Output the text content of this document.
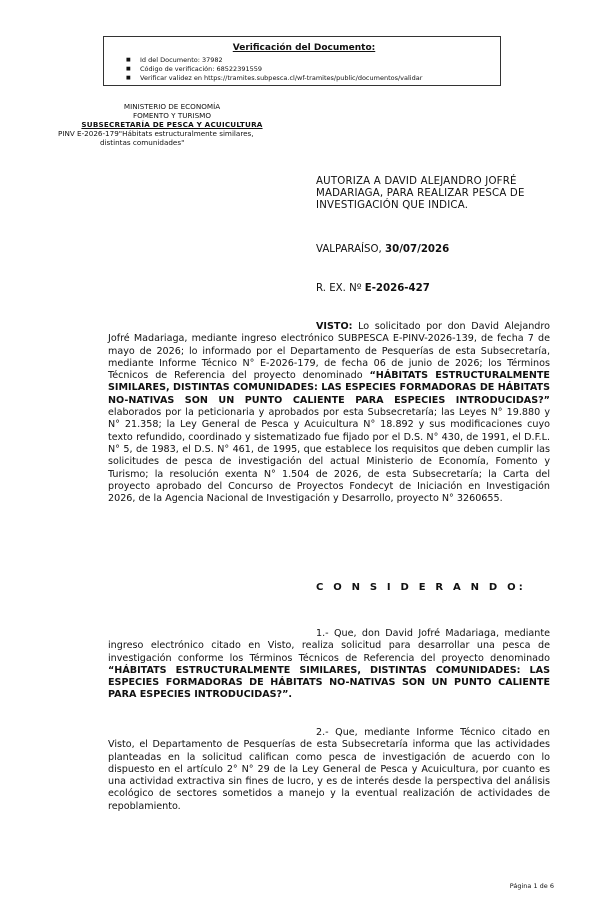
Verificación del Documento:
■ Id del Documento: 37982
■ Código de verificación: 68522391559
■ Verificar validez en https://tramites.subpesca.cl/wf-tramites/public/documentos/validar
MINISTERIO DE ECONOMÍA
FOMENTO Y TURISMO
SUBSECRETARÍA DE PESCA Y ACUICULTURA
PINV E-2026-179"Hábitats estructuralmente similares,
distintas comunidades"
AUTORIZA A DAVID ALEJANDRO JOFRÉ MADARIAGA, PARA REALIZAR PESCA DE INVESTIGACIÓN QUE INDICA.
VALPARAÍSO, 30/07/2026
R. EX. Nº E-2026-427
VISTO: Lo solicitado por don David Alejandro Jofré Madariaga, mediante ingreso electrónico SUBPESCA E-PINV-2026-139, de fecha 7 de mayo de 2026; lo informado por el Departamento de Pesquerías de esta Subsecretaría, mediante Informe Técnico N° E-2026-179, de fecha 06 de junio de 2026; los Términos Técnicos de Referencia del proyecto denominado “HÁBITATS ESTRUCTURALMENTE SIMILARES, DISTINTAS COMUNIDADES: LAS ESPECIES FORMADORAS DE HÁBITATS NO-NATIVAS SON UN PUNTO CALIENTE PARA ESPECIES INTRODUCIDAS?” elaborados por la peticionaria y aprobados por esta Subsecretaría; las Leyes N° 19.880 y N° 21.358; la Ley General de Pesca y Acuicultura N° 18.892 y sus modificaciones cuyo texto refundido, coordinado y sistematizado fue fijado por el D.S. N° 430, de 1991, el D.F.L. N° 5, de 1983, el D.S. N° 461, de 1995, que establece los requisitos que deben cumplir las solicitudes de pesca de investigación del actual Ministerio de Economía, Fomento y Turismo; la resolución exenta N° 1.504 de 2026, de esta Subsecretaría; la Carta del proyecto aprobado del Concurso de Proyectos Fondecyt de Iniciación en Investigación 2026, de la Agencia Nacional de Investigación y Desarrollo, proyecto N° 3260655.
C O N S I D E R A N D O:
1.- Que, don David Jofré Madariaga, mediante ingreso electrónico citado en Visto, realiza solicitud para desarrollar una pesca de investigación conforme los Términos Técnicos de Referencia del proyecto denominado “HÁBITATS ESTRUCTURALMENTE SIMILARES, DISTINTAS COMUNIDADES: LAS ESPECIES FORMADORAS DE HÁBITATS NO-NATIVAS SON UN PUNTO CALIENTE PARA ESPECIES INTRODUCIDAS?”.
2.- Que, mediante Informe Técnico citado en Visto, el Departamento de Pesquerías de esta Subsecretaría informa que las actividades planteadas en la solicitud califican como pesca de investigación de acuerdo con lo dispuesto en el artículo 2° N° 29 de la Ley General de Pesca y Acuicultura, por cuanto es una actividad extractiva sin fines de lucro, y es de interés desde la perspectiva del análisis ecológico de sectores sometidos a manejo y la eventual realización de actividades de repoblamiento.
Página 1 de 6
